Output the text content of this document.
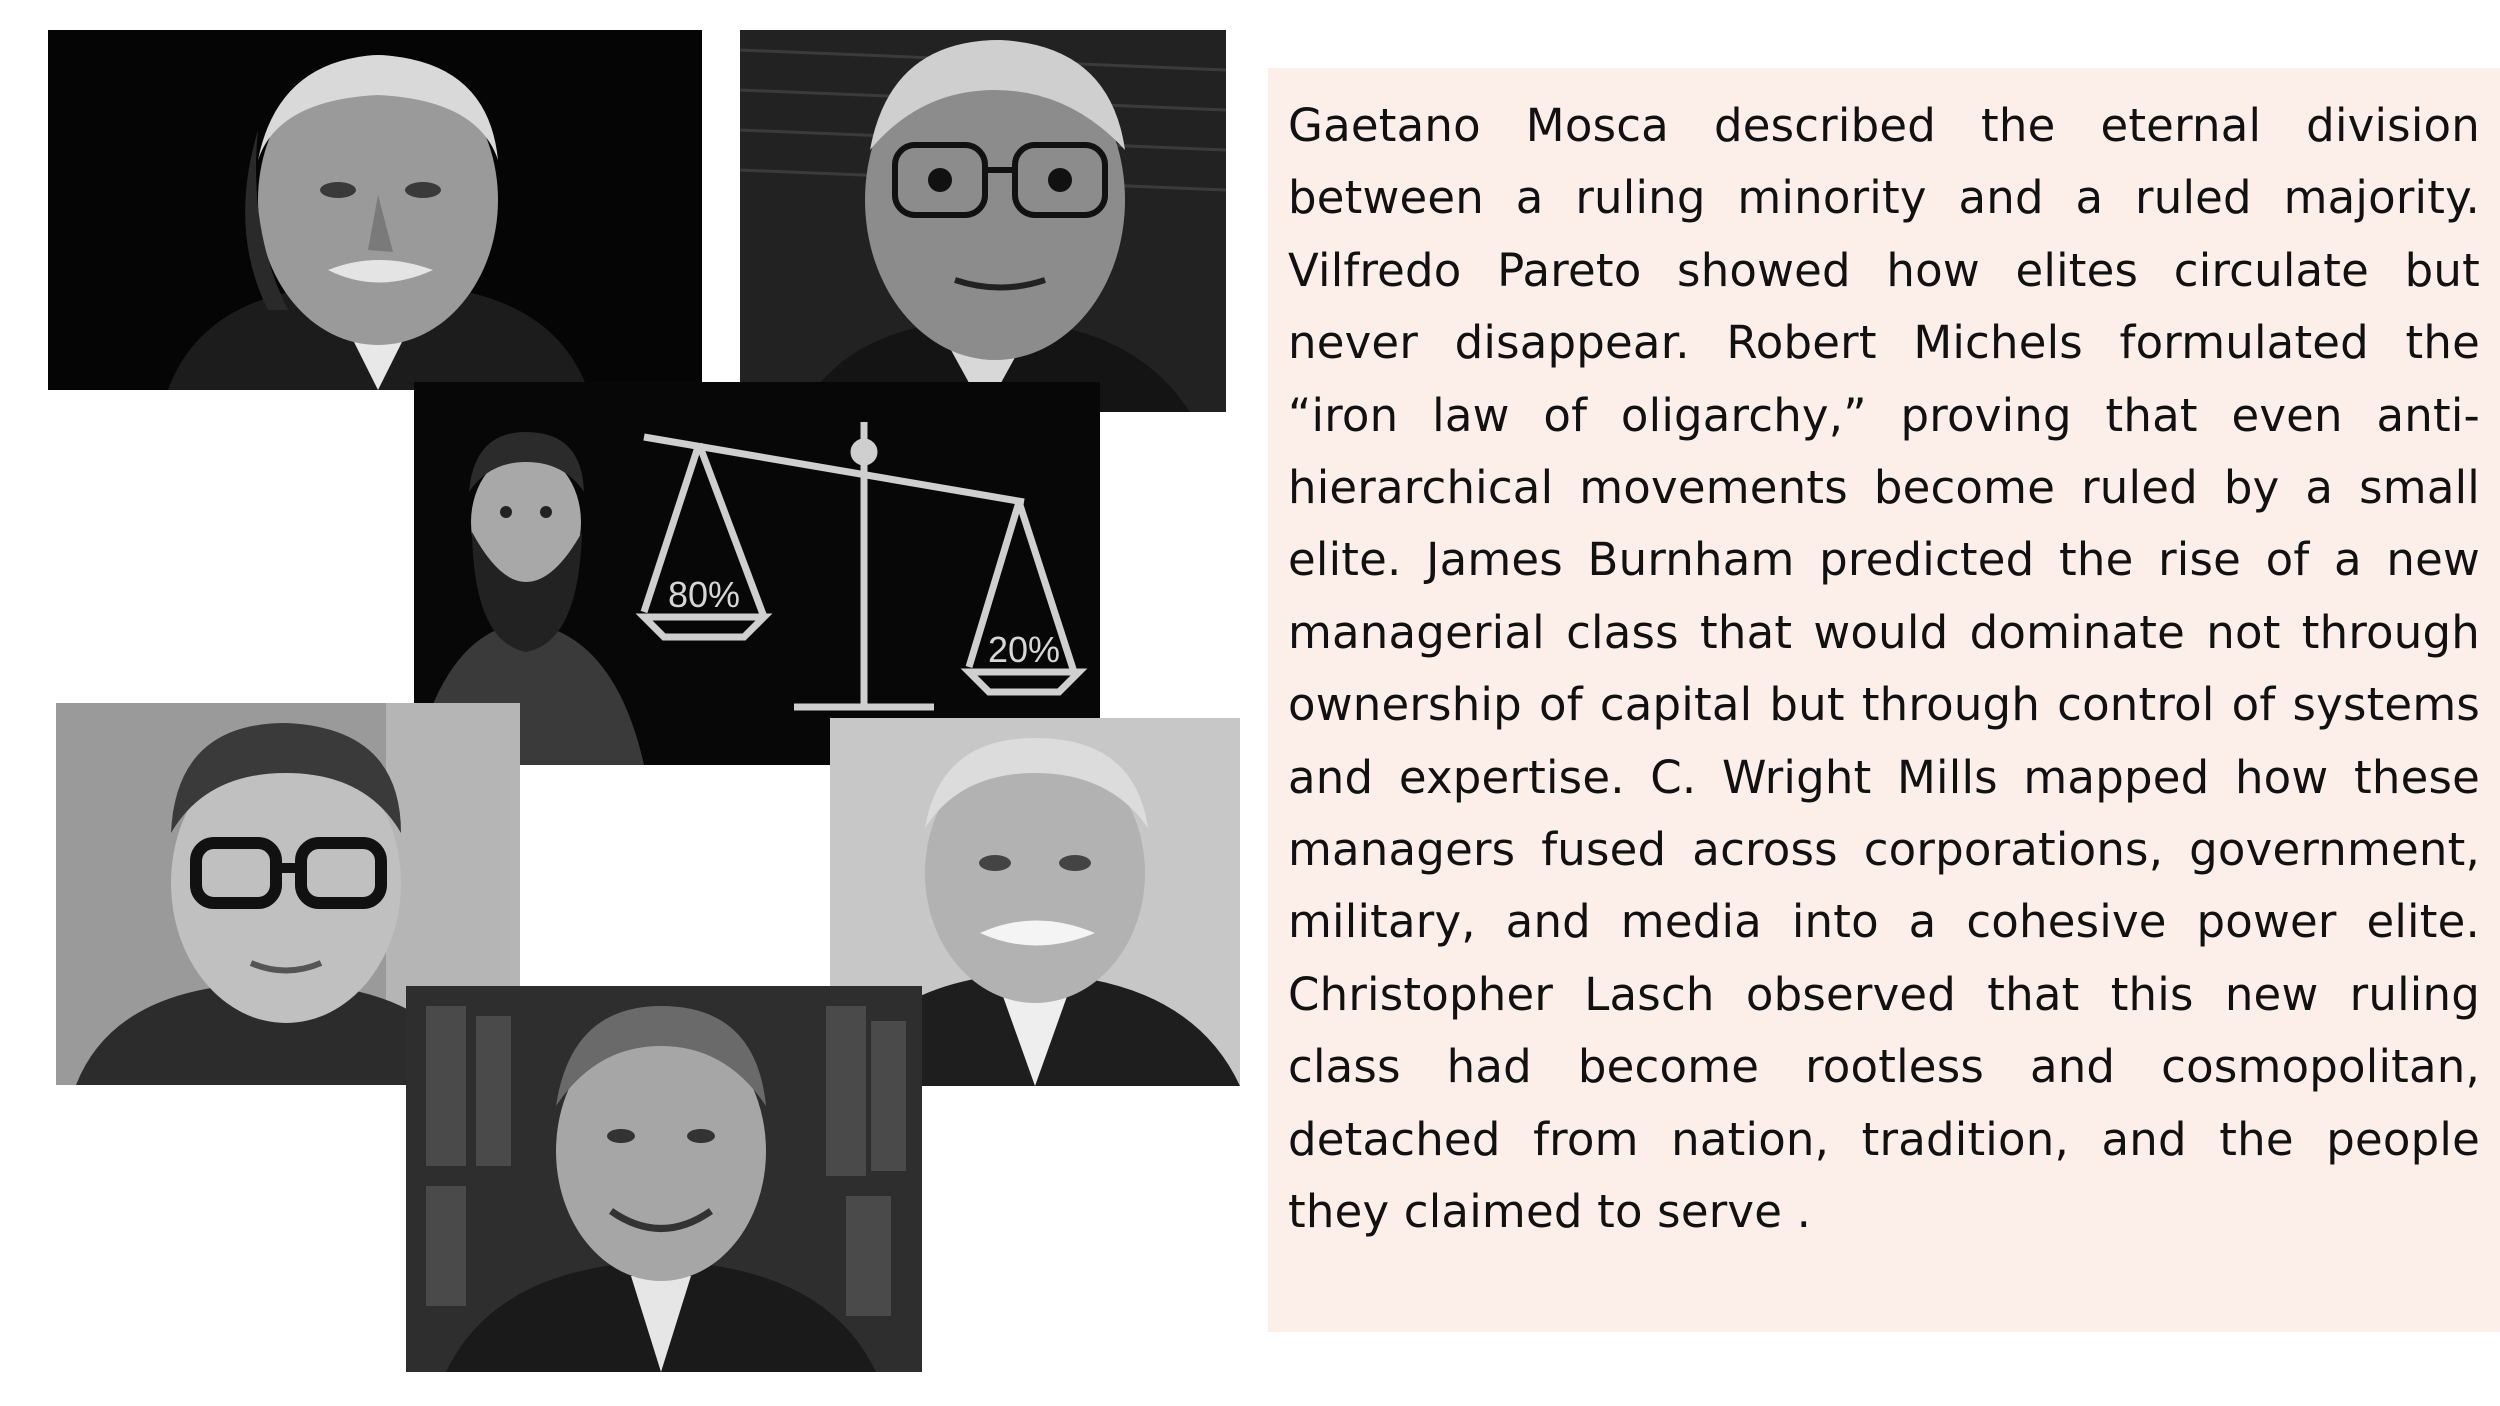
80%
20%

Gaetano Mosca described the eternal division between a ruling minority and a ruled majority. Vilfredo Pareto showed how elites circulate but never disappear. Robert Michels formulated the “iron law of oligarchy,” proving that even anti-hierarchical movements become ruled by a small elite. James Burnham predicted the rise of a new managerial class that would dominate not through ownership of capital but through control of systems and expertise. C. Wright Mills mapped how these managers fused across corporations, government, military, and media into a cohesive power elite. Christopher Lasch observed that this new ruling class had become rootless and cosmopolitan, detached from nation, tradition, and the people they claimed to serve .
